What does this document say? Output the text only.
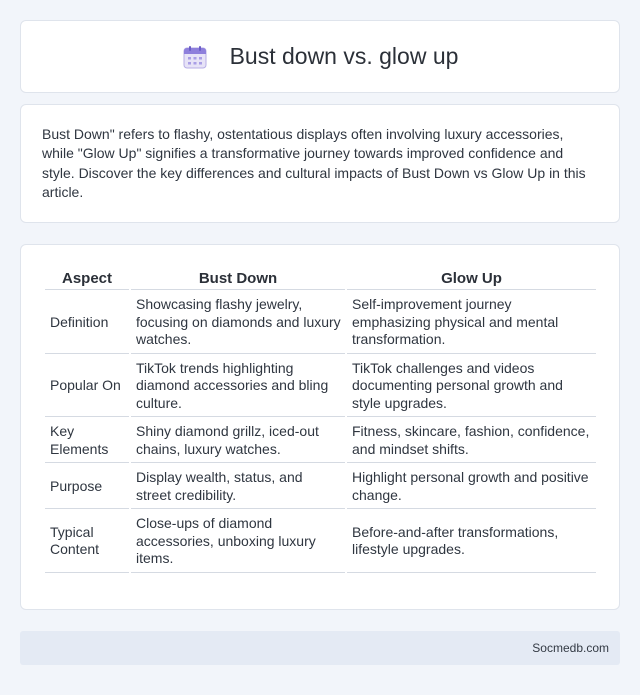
Bust down vs. glow up

Bust Down" refers to flashy, ostentatious displays often involving luxury accessories, while "Glow Up" signifies a transformative journey towards improved confidence and style. Discover the key differences and cultural impacts of Bust Down vs Glow Up in this article.

Aspect	Bust Down	Glow Up
Definition	Showcasing flashy jewelry, focusing on diamonds and luxury watches.	Self-improvement journey emphasizing physical and mental transformation.
Popular On	TikTok trends highlighting diamond accessories and bling culture.	TikTok challenges and videos documenting personal growth and style upgrades.
Key Elements	Shiny diamond grillz, iced-out chains, luxury watches.	Fitness, skincare, fashion, confidence, and mindset shifts.
Purpose	Display wealth, status, and street credibility.	Highlight personal growth and positive change.
Typical Content	Close-ups of diamond accessories, unboxing luxury items.	Before-and-after transformations, lifestyle upgrades.
Socmedb.com
